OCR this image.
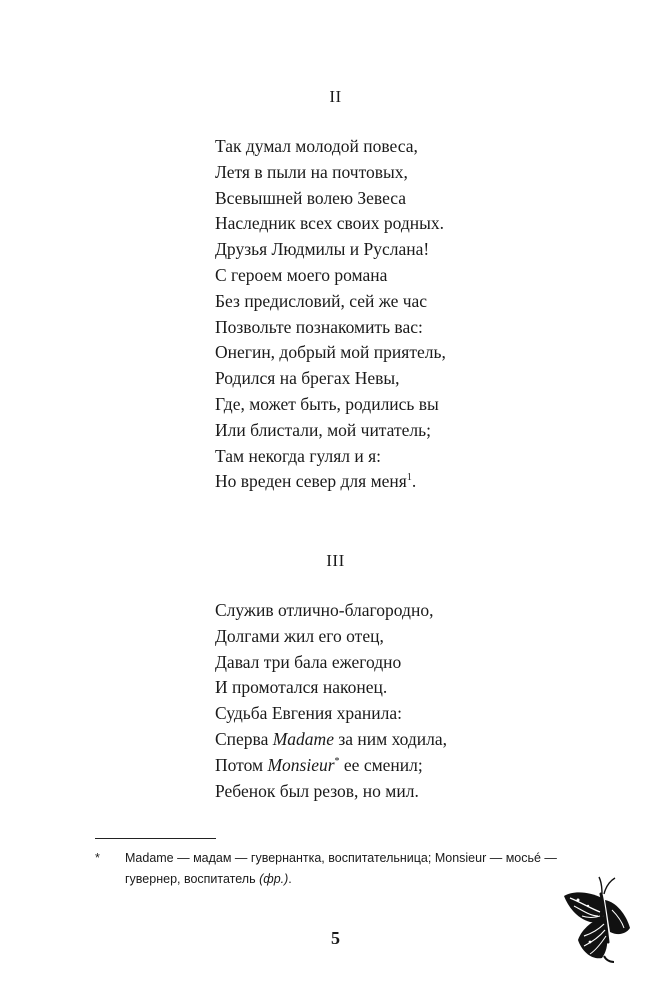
II
Так думал молодой повеса,
Летя в пыли на почтовых,
Всевышней волею Зевеса
Наследник всех своих родных.
Друзья Людмилы и Руслана!
С героем моего романа
Без предисловий, сей же час
Позвольте познакомить вас:
Онегин, добрый мой приятель,
Родился на брегах Невы,
Где, может быть, родились вы
Или блистали, мой читатель;
Там некогда гулял и я:
Но вреден север для меня$^1$.
III
Служив отлично-благородно,
Долгами жил его отец,
Давал три бала ежегодно
И промотался наконец.
Судьба Евгения хранила:
Сперва Madame за ним ходила,
Потом Monsieur* ее сменил;
Ребенок был резов, но мил.
*	Madame — мадам — гувернантка, воспитательница; Monsieur — мосьé — гувернер, воспитатель (фр.).
5
